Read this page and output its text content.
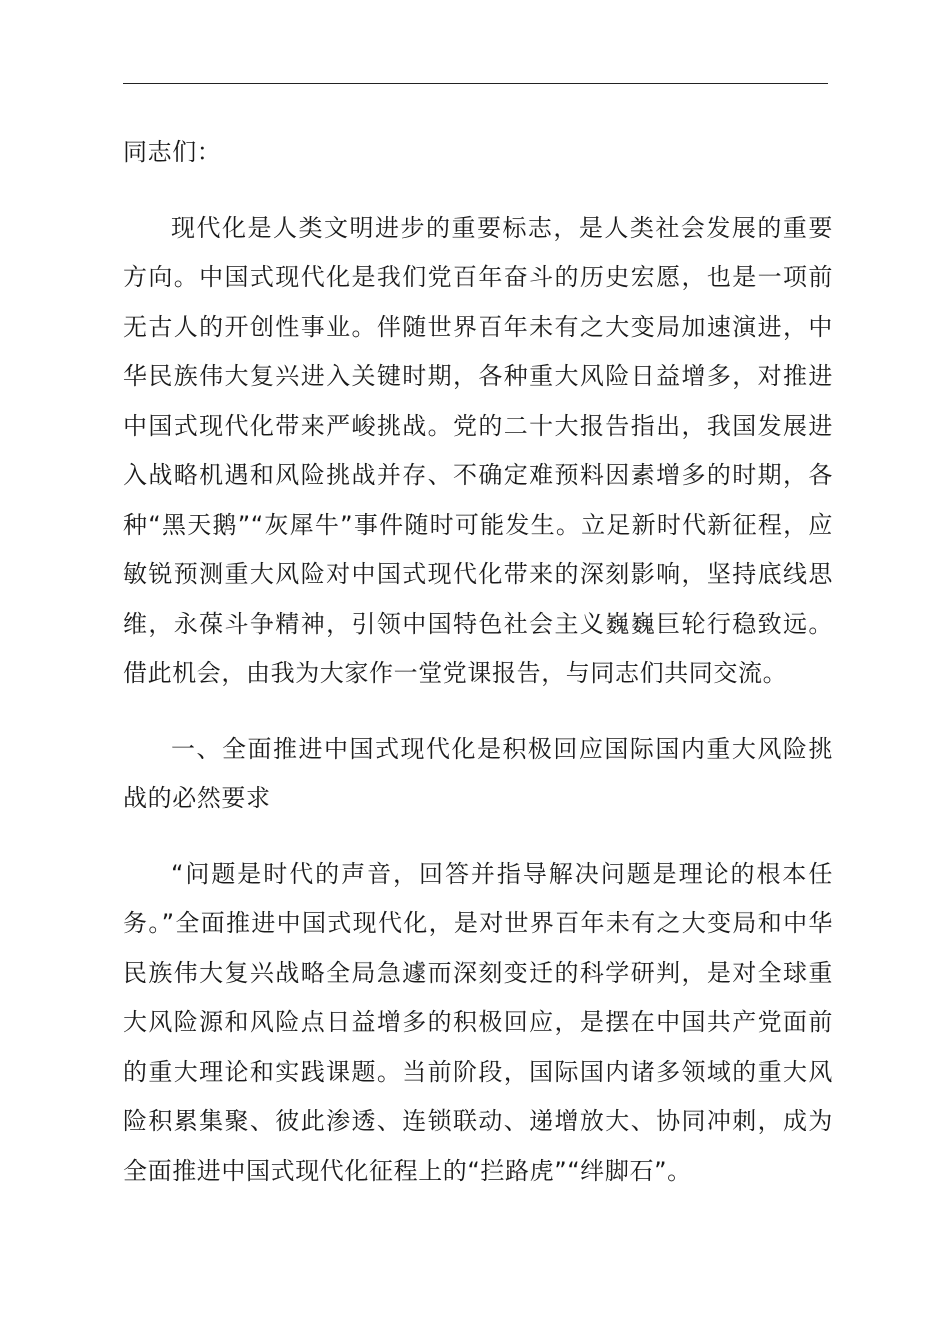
同志们：

现代化是人类文明进步的重要标志，是人类社会发展的重要方向。中国式现代化是我们党百年奋斗的历史宏愿，也是一项前无古人的开创性事业。伴随世界百年未有之大变局加速演进，中华民族伟大复兴进入关键时期，各种重大风险日益增多，对推进中国式现代化带来严峻挑战。党的二十大报告指出，我国发展进入战略机遇和风险挑战并存、不确定难预料因素增多的时期，各种“黑天鹅”“灰犀牛”事件随时可能发生。立足新时代新征程，应敏锐预测重大风险对中国式现代化带来的深刻影响，坚持底线思维，永葆斗争精神，引领中国特色社会主义巍巍巨轮行稳致远。借此机会，由我为大家作一堂党课报告，与同志们共同交流。

一、全面推进中国式现代化是积极回应国际国内重大风险挑战的必然要求

“问题是时代的声音，回答并指导解决问题是理论的根本任务。”全面推进中国式现代化，是对世界百年未有之大变局和中华民族伟大复兴战略全局急遽而深刻变迁的科学研判，是对全球重大风险源和风险点日益增多的积极回应，是摆在中国共产党面前的重大理论和实践课题。当前阶段，国际国内诸多领域的重大风险积累集聚、彼此渗透、连锁联动、递增放大、协同冲刺，成为全面推进中国式现代化征程上的“拦路虎”“绊脚石”。
